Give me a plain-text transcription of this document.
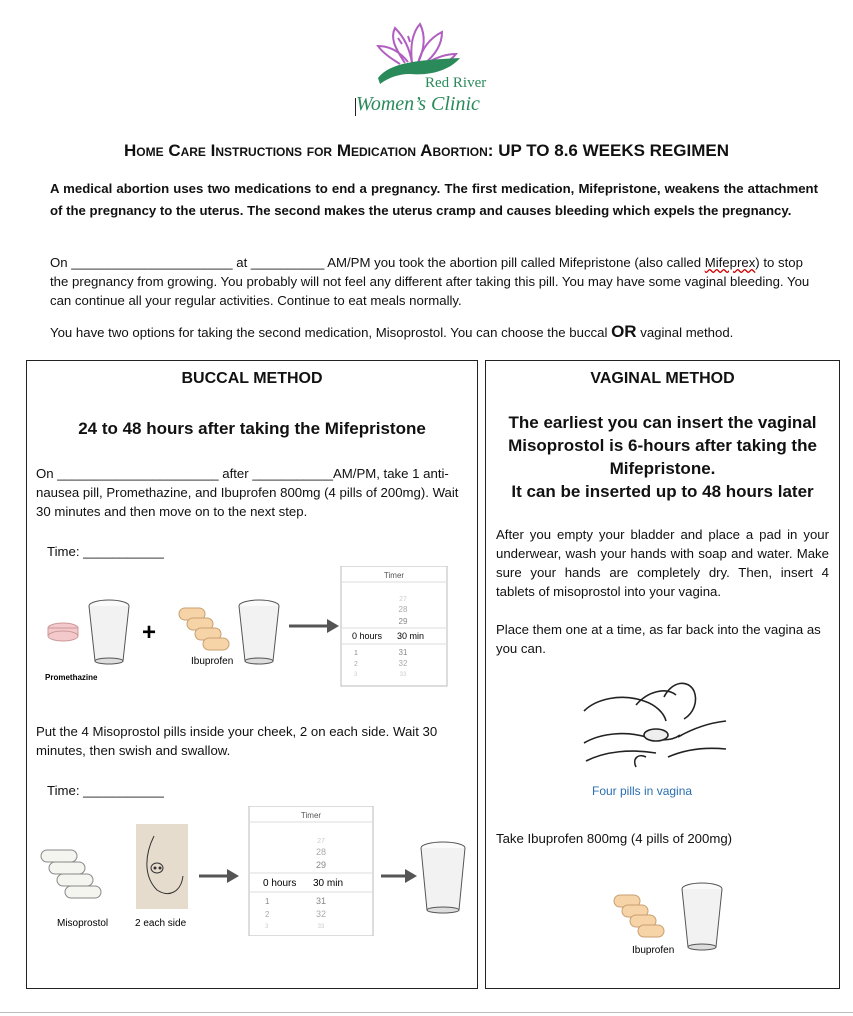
Red River
Women’s Clinic
Home Care Instructions for Medication Abortion: UP TO 8.6 WEEKS REGIMEN
A medical abortion uses two medications to end a pregnancy. The first medication, Mifepristone, weakens the attachment of the pregnancy to the uterus. The second makes the uterus cramp and causes bleeding which expels the pregnancy.
On ______________________ at __________ AM/PM you took the abortion pill called Mifepristone (also called Mifeprex) to stop the pregnancy from growing. You probably will not feel any different after taking this pill. You may have some vaginal bleeding. You can continue all your regular activities. Continue to eat meals normally.
You have two options for taking the second medication, Misoprostol. You can choose the buccal OR vaginal method.
BUCCAL METHOD
24 to 48 hours after taking the Mifepristone
On ______________________ after ___________AM/PM, take 1 anti-nausea pill, Promethazine, and Ibuprofen 800mg (4 pills of 200mg). Wait 30 minutes and then move on to the next step.
Time: ___________
Promethazine
+
Ibuprofen
Timer
27
28
29
0 hours 30 min
1
2
3
31
32
33
Put the 4 Misoprostol pills inside your cheek, 2 on each side. Wait 30 minutes, then swish and swallow.
Time: ___________
Misoprostol	2 each side
Timer
27
28
29
0 hours 30 min
1
2
3
31
32
33
VAGINAL METHOD
The earliest you can insert the vaginal
Misoprostol is 6-hours after taking the
Mifepristone.
It can be inserted up to 48 hours later
After you empty your bladder and place a pad in your underwear, wash your hands with soap and water. Make sure your hands are completely dry. Then, insert 4 tablets of misoprostol into your vagina.
Place them one at a time, as far back into the vagina as you can.
Four pills in vagina
Take Ibuprofen 800mg (4 pills of 200mg)
Ibuprofen
